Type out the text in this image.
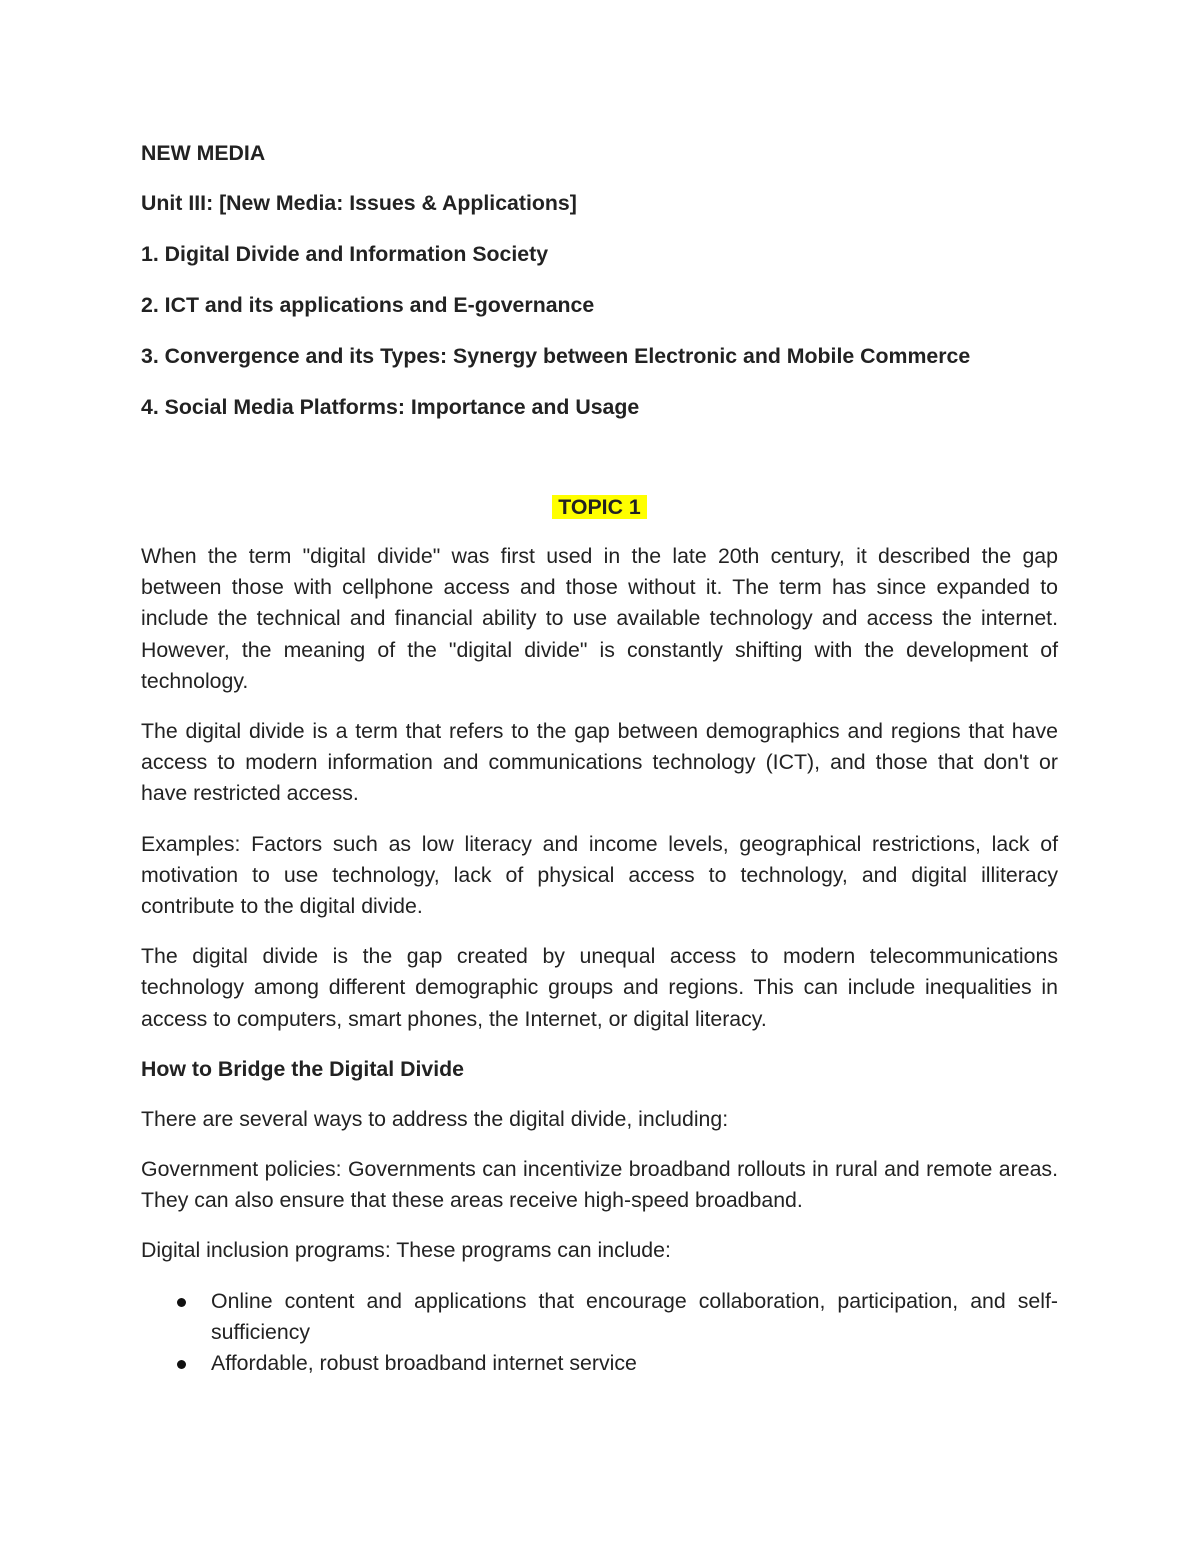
NEW MEDIA
Unit III: [New Media: Issues & Applications]
1. Digital Divide and Information Society
2. ICT and its applications and E-governance
3. Convergence and its Types: Synergy between Electronic and Mobile Commerce
4. Social Media Platforms: Importance and Usage
TOPIC 1

When the term "digital divide" was first used in the late 20th century, it described the gap between those with cellphone access and those without it. The term has since expanded to include the technical and financial ability to use available technology and access the internet. However, the meaning of the "digital divide" is constantly shifting with the development of technology.

The digital divide is a term that refers to the gap between demographics and regions that have access to modern information and communications technology (ICT), and those that don't or have restricted access.

Examples: Factors such as low literacy and income levels, geographical restrictions, lack of motivation to use technology, lack of physical access to technology, and digital illiteracy contribute to the digital divide.

The digital divide is the gap created by unequal access to modern telecommunications technology among different demographic groups and regions. This can include inequalities in access to computers, smart phones, the Internet, or digital literacy.

How to Bridge the Digital Divide

There are several ways to address the digital divide, including:

Government policies: Governments can incentivize broadband rollouts in rural and remote areas. They can also ensure that these areas receive high-speed broadband.

Digital inclusion programs: These programs can include:

Online content and applications that encourage collaboration, participation, and self-sufficiency
Affordable, robust broadband internet service
